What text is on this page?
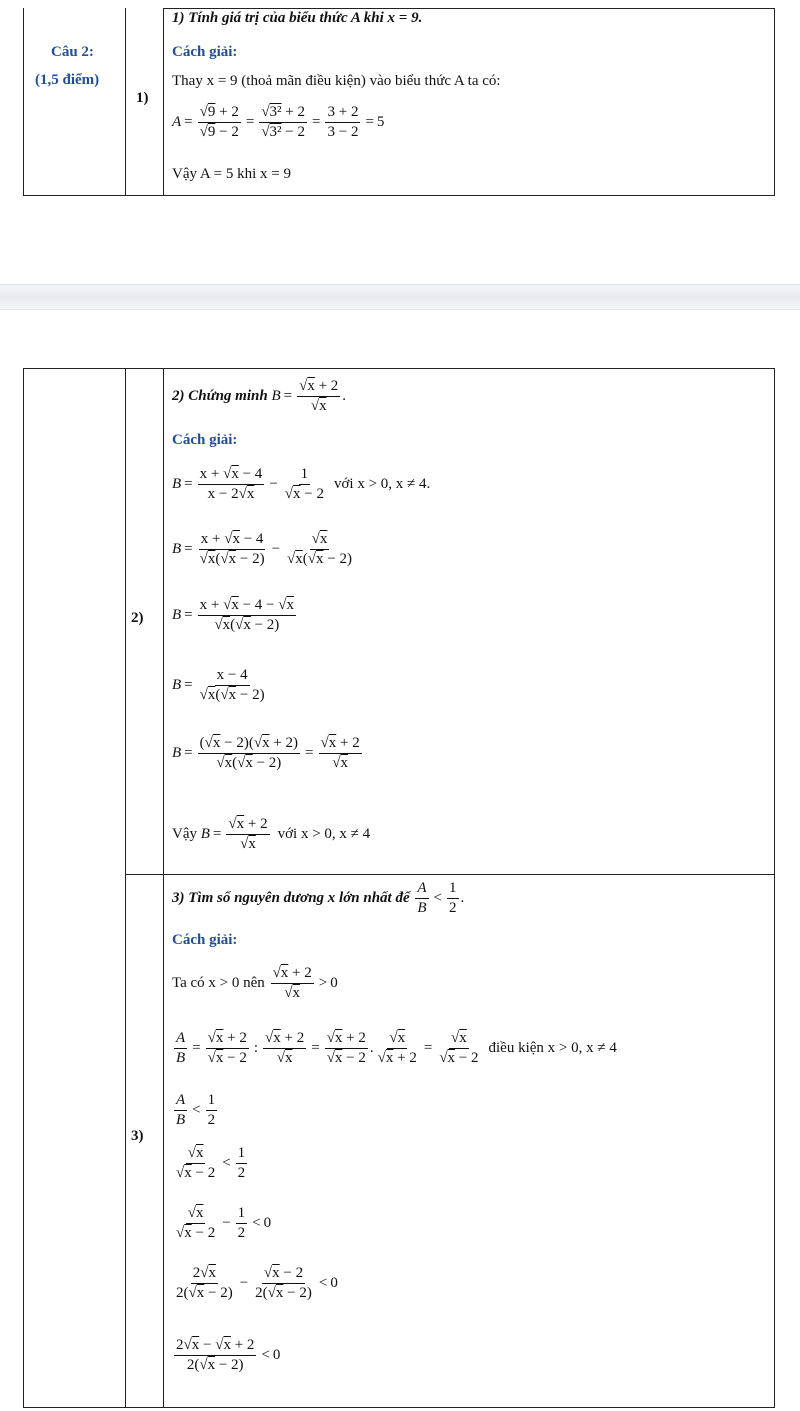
1) Tính giá trị của biểu thức A khi x = 9.
Câu 2:
(1,5 điểm)
1)
Cách giải:
Thay x = 9 (thoả mãn điều kiện) vào biểu thức A ta có:
$A = \frac{√9 + 2}{√9 - 2} = \frac{\text{√3² + 2}}{\text{√3² − 2}} = \frac{3 + 2}{3 - 2} = 5$
Vậy A = 5 khi x = 9
2)
2) Chứng minh $B = \frac{√x + 2}{√x}$ .
Cách giải:
$B = \frac{x + √x - 4}{x - 2√x} - \frac{1}{√x - 2}$ với x > 0, x ≠ 4.
$B = \frac{x + √x - 4}{√x(√x - 2)} - \frac{√x}{√x(√x - 2)}$
$B = \frac{x + √x - 4 - √x}{√x(√x - 2)}$
$B = \frac{x - 4}{√x(√x - 2)}$
$B = \frac{(√x - 2)(√x + 2)}{√x(√x - 2)} = \frac{√x + 2}{√x}$
Vậy
$B = \frac{√x + 2}{√x}$ với x > 0, x ≠ 4
3)
3) Tìm số nguyên dương x lớn nhất để

A
B
<
1
2
.
Cách giải:
Ta có x > 0 nên

√x + 2
√x
> 0
$\frac{A}{B} = \frac{√x + 2}{√x - 2}$ : $\frac{√x + 2}{√x} = \frac{√x + 2}{√x - 2}$ . $\frac{√x}{√x + 2} = \frac{√x}{√x - 2}$ điều kiện x > 0, x ≠ 4
A
B
<
1
2
√x
√x − 2
<
1
2
√x
√x − 2
− $\frac{1}{2} < 0$
2√x
2(√x − 2)
− $\frac{√x - 2}{2(√x - 2)} < 0$
2√x − √x + 2
2(√x − 2)
< 0
